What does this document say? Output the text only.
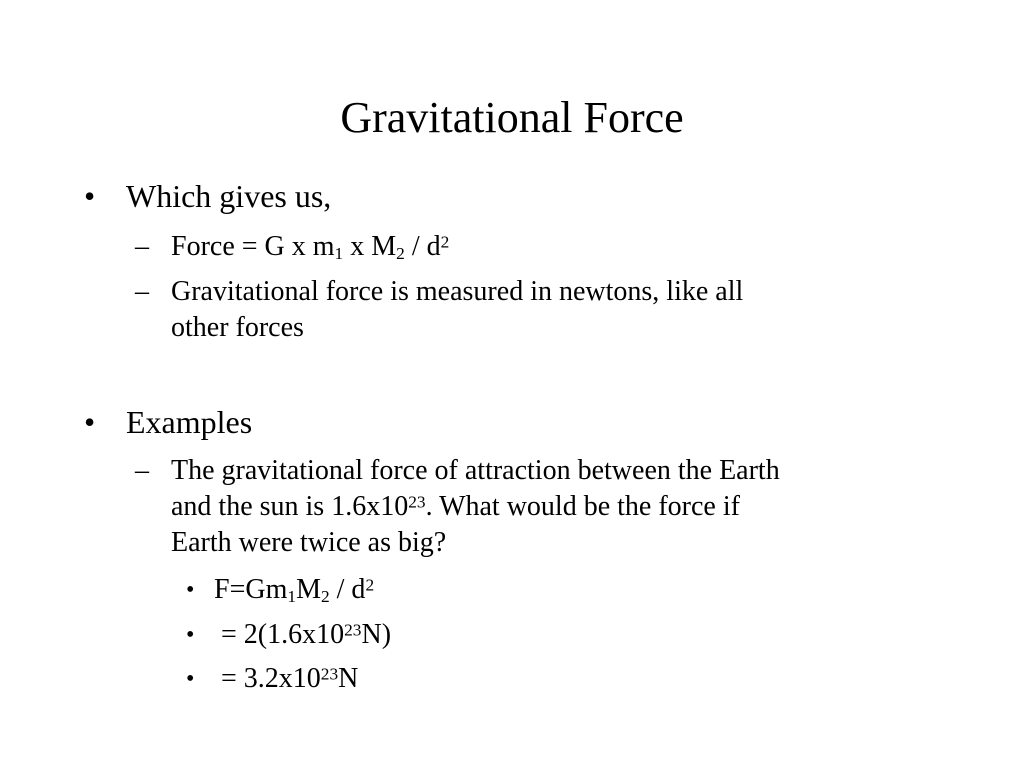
Gravitational Force
• Which gives us,
– Force = G x $m_1$ x $M_2 / d^2$
– Gravitational force is measured in newtons, like all
other forces
• Examples
– The gravitational force of attraction between the Earth
and the sun is $1.6x10^{23}$. What would be the force if
Earth were twice as big?
• $F=Gm_1M_2 / d^2$
• = $2(1.6x10^{23}N)$
• = $3.2x10^{23}N$
